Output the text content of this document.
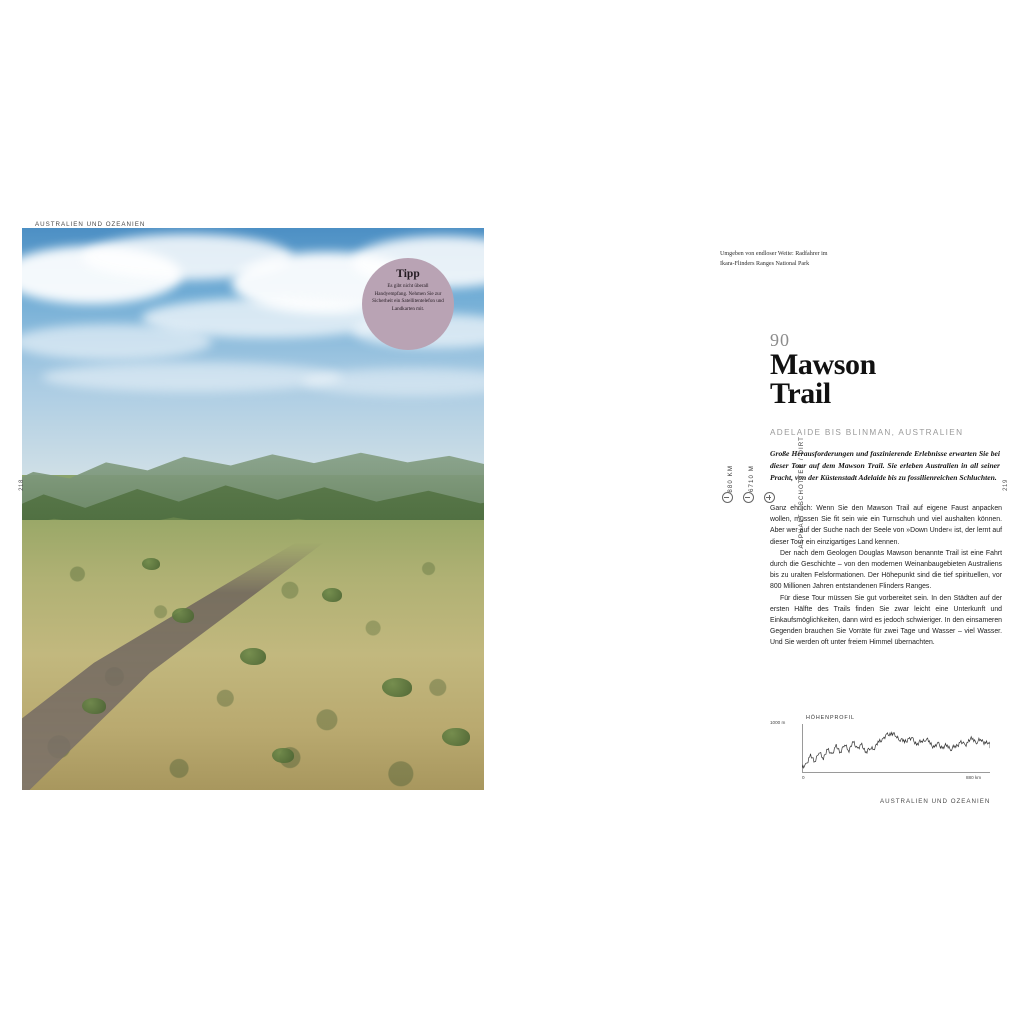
AUSTRALIEN UND OZEANIEN
Tipp
Es gibt nicht überall Handyempfang. Nehmen Sie zur Sicherheit ein Satellitentelefon und Landkarten mit.
218
Umgeben von endloser Weite: Radfahrer im Ikara-Flinders Ranges National Park
90
Mawson
Trail
ADELAIDE BIS BLINMAN, AUSTRALIEN
Große Herausforderungen und faszinierende Erlebnisse erwarten Sie bei dieser Tour auf dem Mawson Trail. Sie erleben Australien in all seiner Pracht, von der Küstenstadt Adelaide bis zu fossilienreichen Schluchten.

Ganz ehrlich: Wenn Sie den Mawson Trail auf eigene Faust anpacken wollen, müssen Sie fit sein wie ein Turnschuh und viel aushalten können. Aber wer auf der Suche nach der Seele von »Down Under« ist, der lernt auf dieser Tour ein einzigartiges Land kennen.

Der nach dem Geologen Douglas Mawson benannte Trail ist eine Fahrt durch die Geschichte – von den modernen Weinanbaugebieten Australiens bis zu uralten Felsformationen. Der Höhepunkt sind die tief spirituellen, vor 800 Millionen Jahren entstandenen Flinders Ranges.

Für diese Tour müssen Sie gut vorbereitet sein. In den Städten auf der ersten Hälfte des Trails finden Sie zwar leicht eine Unterkunft und Einkaufsmöglichkeiten, dann wird es jedoch schwieriger. In den einsameren Gegenden brauchen Sie Vorräte für zwei Tage und Wasser – viel Wasser. Und Sie werden oft unter freiem Himmel übernachten.

880 KM 6710 M	ASPHALT / SCHOTTER / DIRT
HÖHENPROFIL
1000 m
0	880 km
AUSTRALIEN UND OZEANIEN
219
